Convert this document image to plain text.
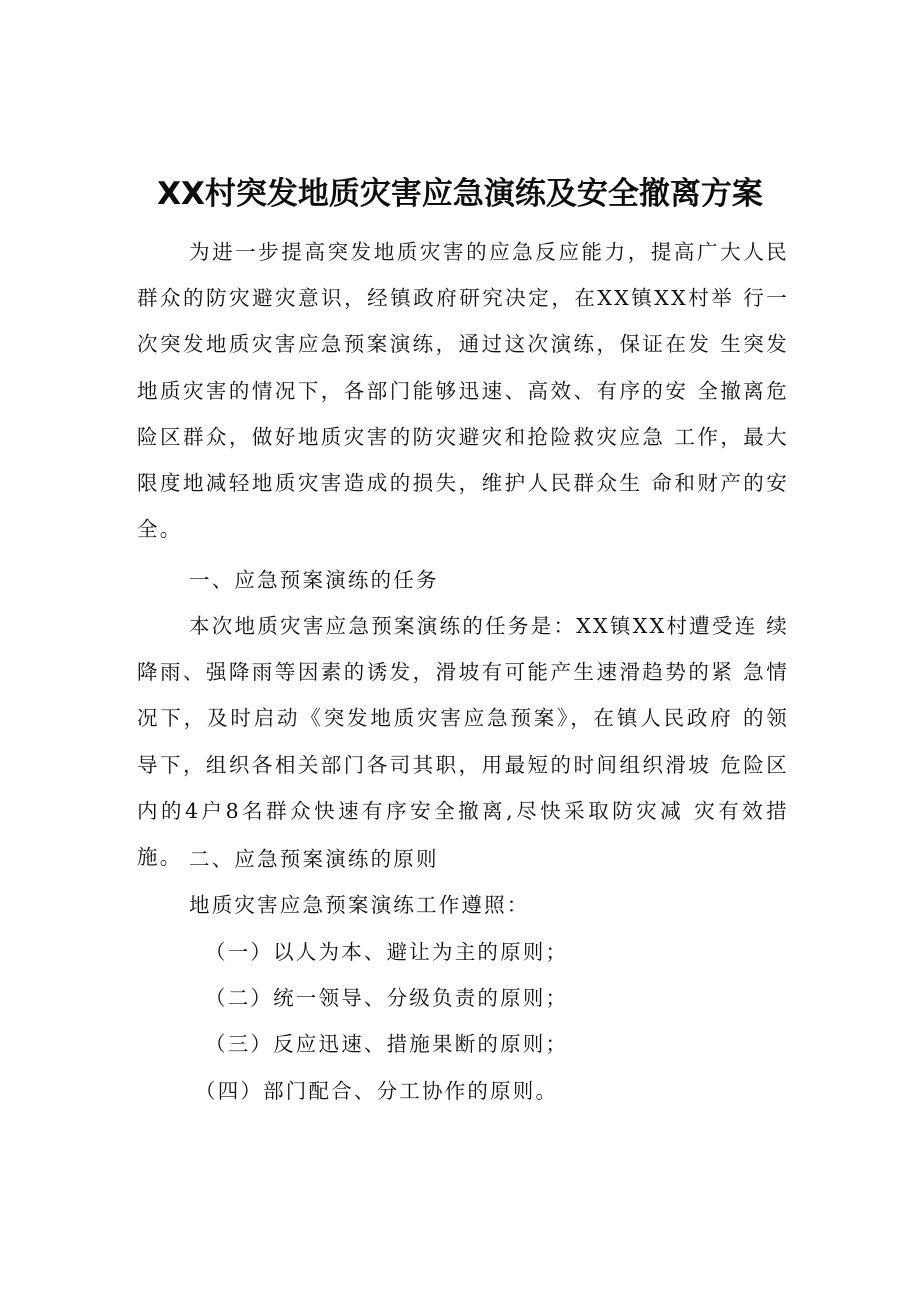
XX村突发地质灾害应急演练及安全撤离方案

为进一步提高突发地质灾害的应急反应能力，提高广大人民群众的防灾避灾意识，经镇政府研究决定，在XX镇XX村举 行一次突发地质灾害应急预案演练，通过这次演练，保证在发 生突发地质灾害的情况下，各部门能够迅速、高效、有序的安 全撤离危险区群众，做好地质灾害的防灾避灾和抢险救灾应急 工作，最大限度地减轻地质灾害造成的损失，维护人民群众生 命和财产的安全。

一、应急预案演练的任务

本次地质灾害应急预案演练的任务是：XX镇XX村遭受连 续降雨、强降雨等因素的诱发，滑坡有可能产生速滑趋势的紧 急情况下，及时启动《突发地质灾害应急预案》，在镇人民政府 的领导下，组织各相关部门各司其职，用最短的时间组织滑坡 危险区内的4户8名群众快速有序安全撤离,尽快采取防灾减 灾有效措施。 二、应急预案演练的原则
地质灾害应急预案演练工作遵照：
（一）以人为本、避让为主的原则；
（二）统一领导、分级负责的原则；
（三）反应迅速、措施果断的原则；
（四）部门配合、分工协作的原则。
